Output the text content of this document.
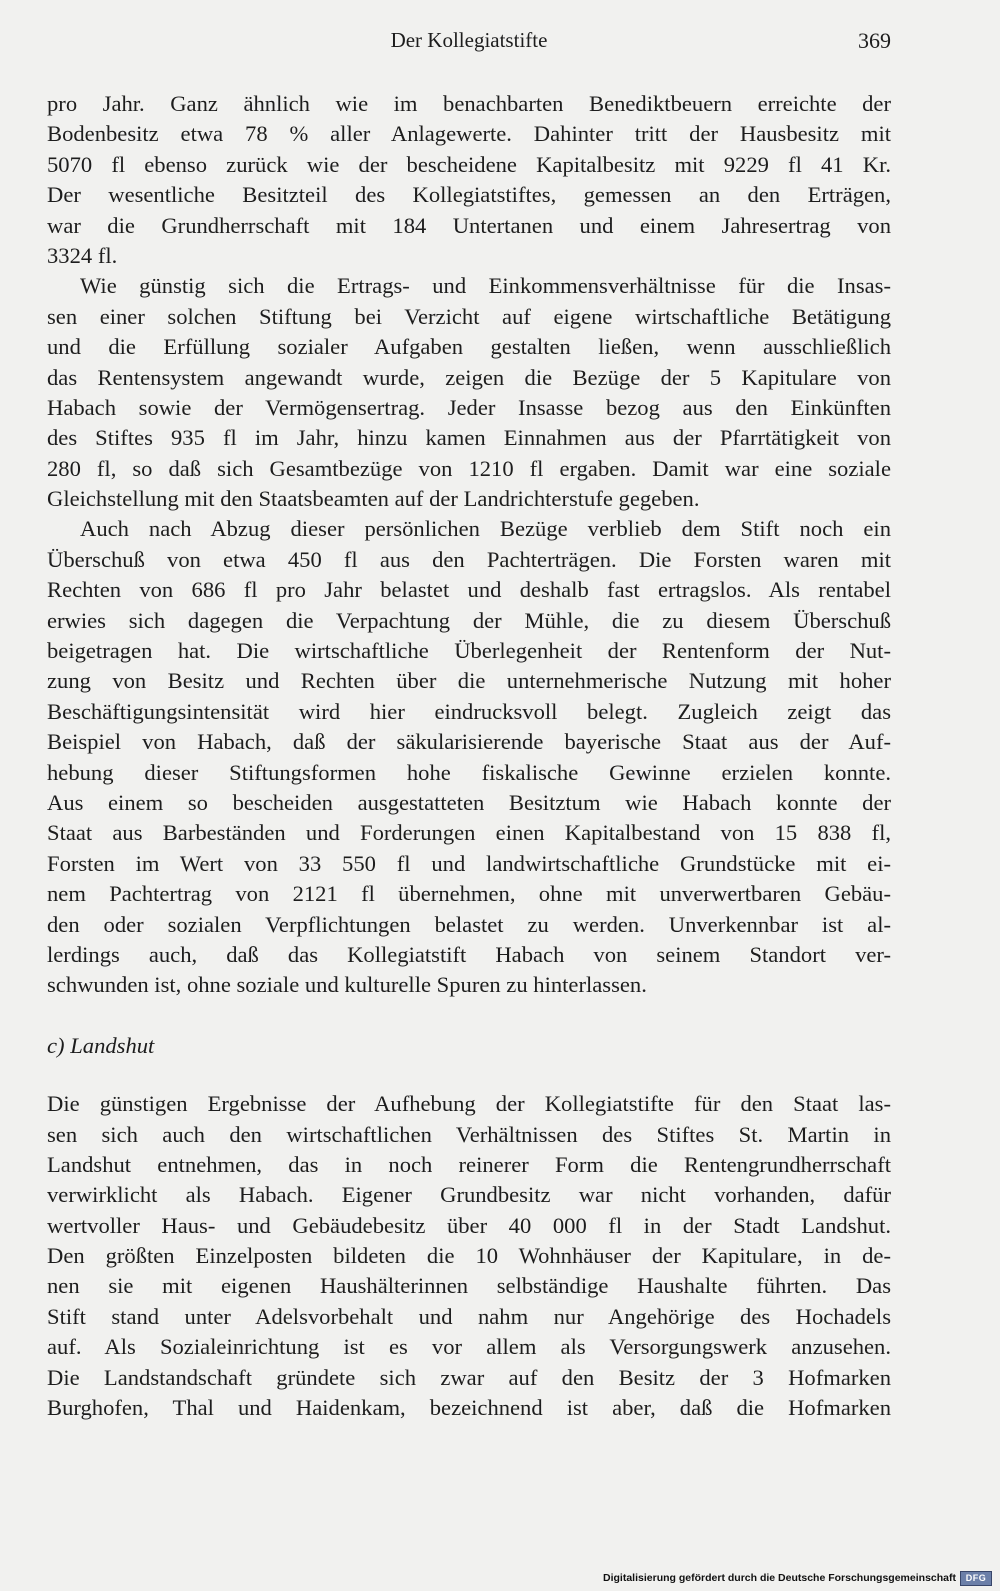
Der Kollegiatstifte	369
pro Jahr. Ganz ähnlich wie im benachbarten Benediktbeuern erreichte der
Bodenbesitz etwa 78 % aller Anlagewerte. Dahinter tritt der Hausbesitz mit
5070 fl ebenso zurück wie der bescheidene Kapitalbesitz mit 9229 fl 41 Kr.
Der wesentliche Besitzteil des Kollegiatstiftes, gemessen an den Erträgen,
war die Grundherrschaft mit 184 Untertanen und einem Jahresertrag von
3324 fl.
Wie günstig sich die Ertrags- und Einkommensverhältnisse für die Insas-
sen einer solchen Stiftung bei Verzicht auf eigene wirtschaftliche Betätigung
und die Erfüllung sozialer Aufgaben gestalten ließen, wenn ausschließlich
das Rentensystem angewandt wurde, zeigen die Bezüge der 5 Kapitulare von
Habach sowie der Vermögensertrag. Jeder Insasse bezog aus den Einkünften
des Stiftes 935 fl im Jahr, hinzu kamen Einnahmen aus der Pfarrtätigkeit von
280 fl, so daß sich Gesamtbezüge von 1210 fl ergaben. Damit war eine soziale
Gleichstellung mit den Staatsbeamten auf der Landrichterstufe gegeben.
Auch nach Abzug dieser persönlichen Bezüge verblieb dem Stift noch ein
Überschuß von etwa 450 fl aus den Pachterträgen. Die Forsten waren mit
Rechten von 686 fl pro Jahr belastet und deshalb fast ertragslos. Als rentabel
erwies sich dagegen die Verpachtung der Mühle, die zu diesem Überschuß
beigetragen hat. Die wirtschaftliche Überlegenheit der Rentenform der Nut-
zung von Besitz und Rechten über die unternehmerische Nutzung mit hoher
Beschäftigungsintensität wird hier eindrucksvoll belegt. Zugleich zeigt das
Beispiel von Habach, daß der säkularisierende bayerische Staat aus der Auf-
hebung dieser Stiftungsformen hohe fiskalische Gewinne erzielen konnte.
Aus einem so bescheiden ausgestatteten Besitztum wie Habach konnte der
Staat aus Barbeständen und Forderungen einen Kapitalbestand von 15 838 fl,
Forsten im Wert von 33 550 fl und landwirtschaftliche Grundstücke mit ei-
nem Pachtertrag von 2121 fl übernehmen, ohne mit unverwertbaren Gebäu-
den oder sozialen Verpflichtungen belastet zu werden. Unverkennbar ist al-
lerdings auch, daß das Kollegiatstift Habach von seinem Standort ver-
schwunden ist, ohne soziale und kulturelle Spuren zu hinterlassen.
c) Landshut
Die günstigen Ergebnisse der Aufhebung der Kollegiatstifte für den Staat las-
sen sich auch den wirtschaftlichen Verhältnissen des Stiftes St. Martin in
Landshut entnehmen, das in noch reinerer Form die Rentengrundherrschaft
verwirklicht als Habach. Eigener Grundbesitz war nicht vorhanden, dafür
wertvoller Haus- und Gebäudebesitz über 40 000 fl in der Stadt Landshut.
Den größten Einzelposten bildeten die 10 Wohnhäuser der Kapitulare, in de-
nen sie mit eigenen Haushälterinnen selbständige Haushalte führten. Das
Stift stand unter Adelsvorbehalt und nahm nur Angehörige des Hochadels
auf. Als Sozialeinrichtung ist es vor allem als Versorgungswerk anzusehen.
Die Landstandschaft gründete sich zwar auf den Besitz der 3 Hofmarken
Burghofen, Thal und Haidenkam, bezeichnend ist aber, daß die Hofmarken
Digitalisierung gefördert durch die Deutsche Forschungsgemeinschaft	DFG
